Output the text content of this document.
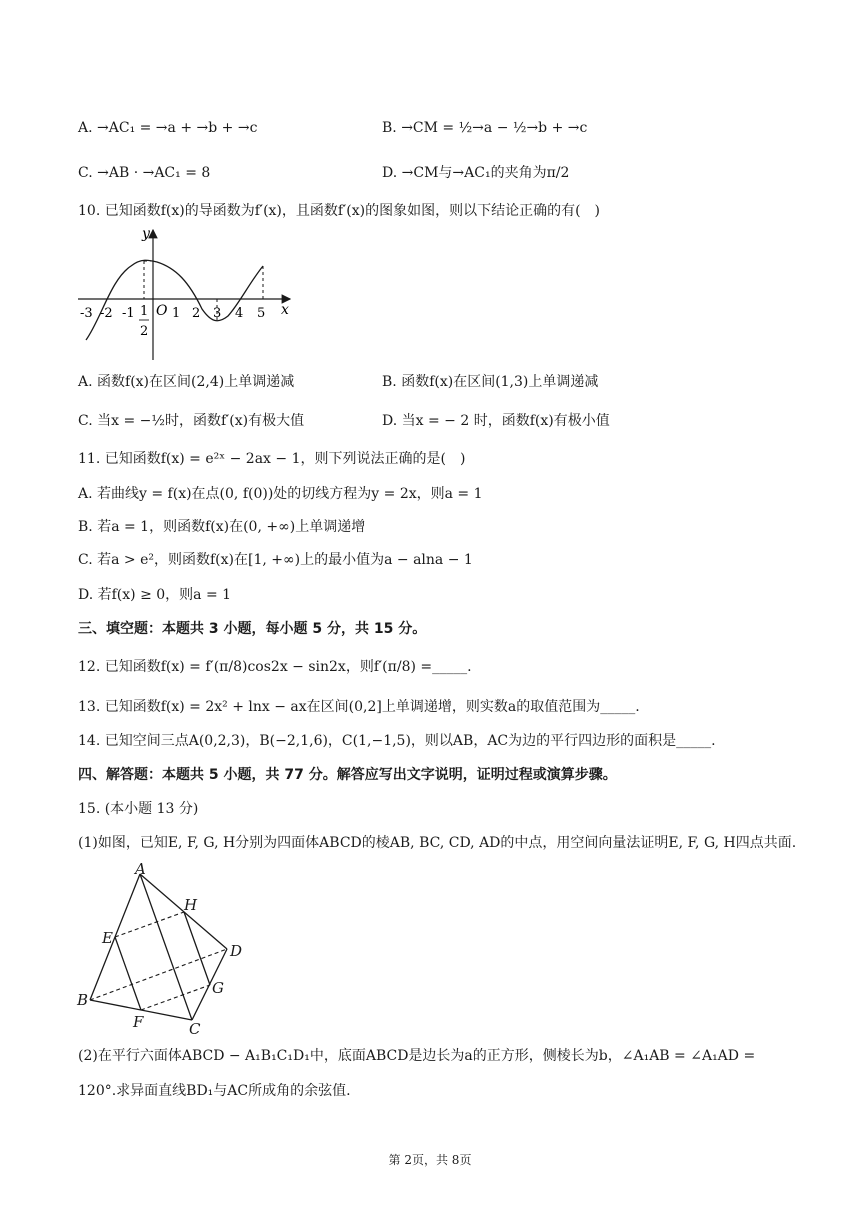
A. →AC₁ = →a + →b + →c	B. →CM = ½→a − ½→b + →c
C. →AB · →AC₁ = 8	D. →CM与→AC₁的夹角为π/2
10. 已知函数f(x)的导函数为f′(x)，且函数f′(x)的图象如图，则以下结论正确的有(　)
y
x
O
-3 -2 -1	1 2
1
2
3 4 5
A. 函数f(x)在区间(2,4)上单调递减	B. 函数f(x)在区间(1,3)上单调递减
C. 当x = −½时，函数f′(x)有极大值	D. 当x = − 2 时，函数f(x)有极小值
11. 已知函数f(x) = e²ˣ − 2ax − 1，则下列说法正确的是(　)
A. 若曲线y = f(x)在点(0, f(0))处的切线方程为y = 2x，则a = 1
B. 若a = 1，则函数f(x)在(0, +∞)上单调递增
C. 若a > e²，则函数f(x)在[1, +∞)上的最小值为a − alna − 1
D. 若f(x) ≥ 0，则a = 1
三、填空题：本题共 3 小题，每小题 5 分，共 15 分。
12. 已知函数f(x) = f′(π/8)cos2x − sin2x，则f′(π/8) =_____.
13. 已知函数f(x) = 2x² + lnx − ax在区间(0,2]上单调递增，则实数a的取值范围为_____.
14. 已知空间三点A(0,2,3)，B(−2,1,6)，C(1,−1,5)，则以AB，AC为边的平行四边形的面积是_____.
四、解答题：本题共 5 小题，共 77 分。解答应写出文字说明，证明过程或演算步骤。
15. (本小题 13 分)
(1)如图，已知E, F, G, H分别为四面体ABCD的棱AB, BC, CD, AD的中点，用空间向量法证明E, F, G, H四点共面.
A
B
C
D
E
F
G
H
(2)在平行六面体ABCD − A₁B₁C₁D₁中，底面ABCD是边长为a的正方形，侧棱长为b，∠A₁AB = ∠A₁AD =
120°.求异面直线BD₁与AC所成角的余弦值.
第 2页，共 8页
